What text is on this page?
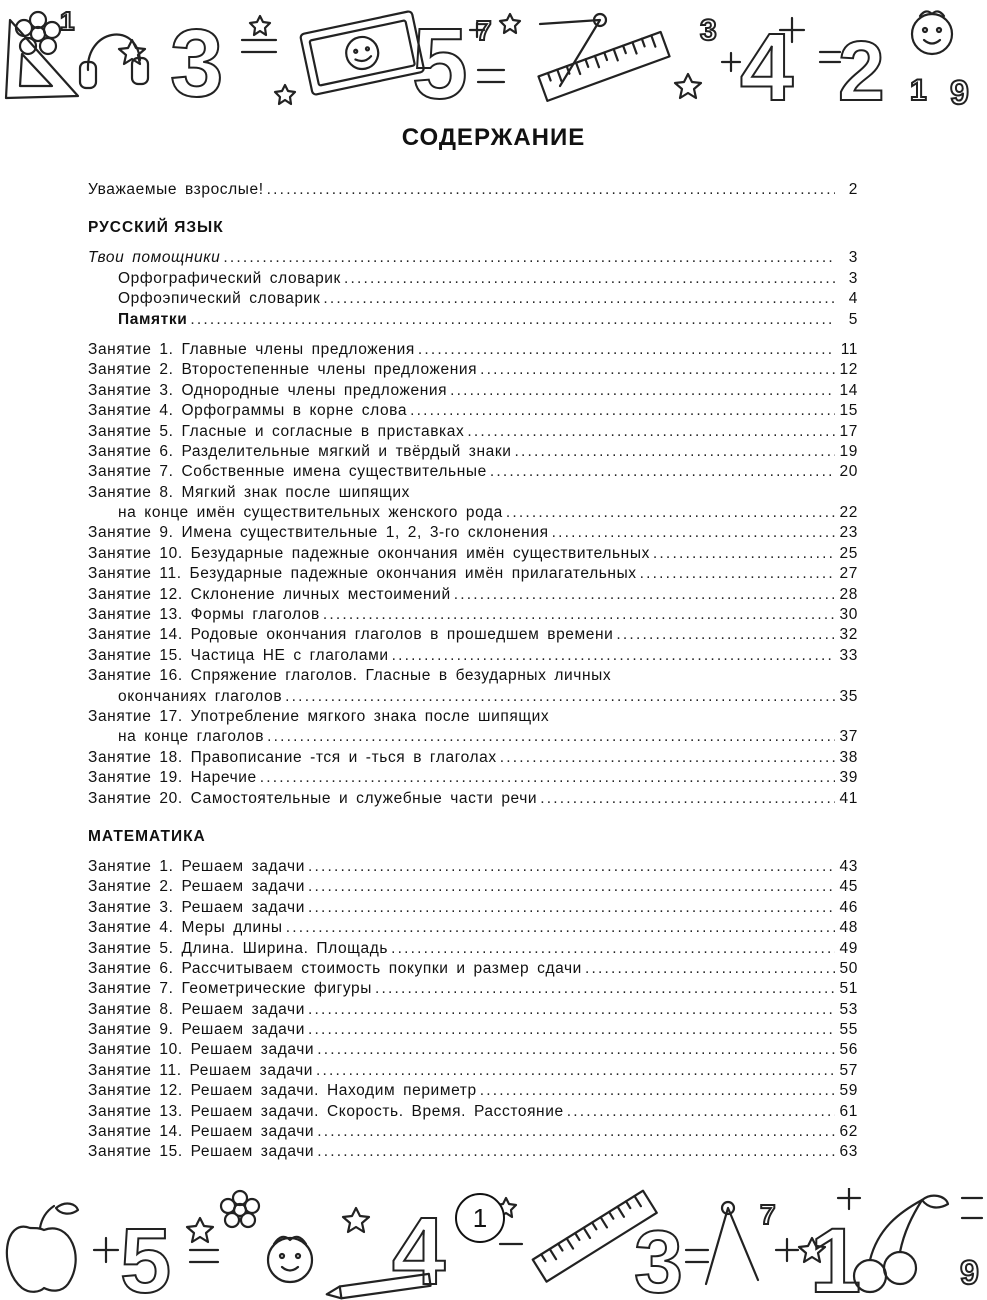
1 3 5 7	3 4 2 1 9
СОДЕРЖАНИЕ
Уважаемые взрослые! .....	2
РУССКИЙ ЯЗЫК
Твои помощники .....	3
Орфографический словарик .....	3
Орфоэпический словарик .....	4
Памятки .....	5
Занятие 1. Главные члены предложения .....	11
Занятие 2. Второстепенные члены предложения .....	12
Занятие 3. Однородные члены предложения .....	14
Занятие 4. Орфограммы в корне слова .....	15
Занятие 5. Гласные и согласные в приставках .....	17
Занятие 6. Разделительные мягкий и твёрдый знаки .....	19
Занятие 7. Собственные имена существительные .....	20
Занятие 8. Мягкий знак после шипящих
на конце имён существительных женского рода .....	22
Занятие 9. Имена существительные 1, 2, 3-го склонения .....	23
Занятие 10. Безударные падежные окончания имён существительных .....	25
Занятие 11. Безударные падежные окончания имён прилагательных .....	27
Занятие 12. Склонение личных местоимений .....	28
Занятие 13. Формы глаголов .....	30
Занятие 14. Родовые окончания глаголов в прошедшем времени .....	32
Занятие 15. Частица НЕ с глаголами .....	33
Занятие 16. Спряжение глаголов. Гласные в безударных личных
окончаниях глаголов .....	35
Занятие 17. Употребление мягкого знака после шипящих
на конце глаголов .....	37
Занятие 18. Правописание -тся и -ться в глаголах .....	38
Занятие 19. Наречие .....	39
Занятие 20. Самостоятельные и служебные части речи .....	41
МАТЕМАТИКА
Занятие 1. Решаем задачи .....	43
Занятие 2. Решаем задачи .....	45
Занятие 3. Решаем задачи .....	46
Занятие 4. Меры длины .....	48
Занятие 5. Длина. Ширина. Площадь .....	49
Занятие 6. Рассчитываем стоимость покупки и размер сдачи .....	50
Занятие 7. Геометрические фигуры .....	51
Занятие 8. Решаем задачи .....	53
Занятие 9. Решаем задачи .....	55
Занятие 10. Решаем задачи .....	56
Занятие 11. Решаем задачи .....	57
Занятие 12. Решаем задачи. Находим периметр .....	59
Занятие 13. Решаем задачи. Скорость. Время. Расстояние .....	61
Занятие 14. Решаем задачи .....	62
Занятие 15. Решаем задачи .....	63
5 4 3	7 1	9
1
